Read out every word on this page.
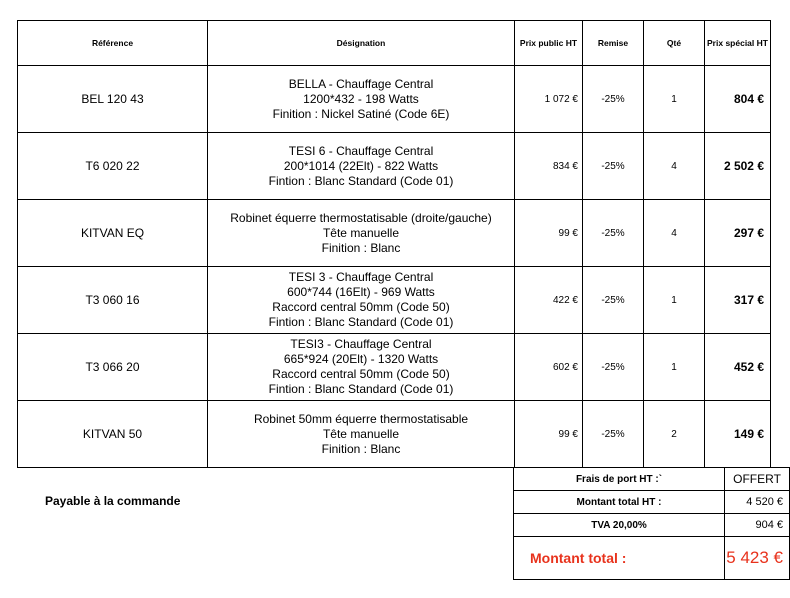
Référence	Désignation	Prix public HT	Remise	Qté	Prix spécial HT
BEL 120 43	BELLA - Chauffage Central
1200*432 - 198 Watts
Finition : Nickel Satiné (Code 6E)	1 072 €	-25%	1	804 €
T6 020 22	TESI 6 - Chauffage Central
200*1014 (22Elt) - 822 Watts
Fintion : Blanc Standard (Code 01)	834 €	-25%	4	2 502 €
KITVAN EQ	Robinet équerre thermostatisable (droite/gauche)
Tête manuelle
Finition : Blanc	99 €	-25%	4	297 €
T3 060 16	TESI 3 - Chauffage Central
600*744 (16Elt) - 969 Watts
Raccord central 50mm (Code 50)
Fintion : Blanc Standard (Code 01)	422 €	-25%	1	317 €
T3 066 20	TESI3 - Chauffage Central
665*924 (20Elt) - 1320 Watts
Raccord central 50mm (Code 50)
Fintion : Blanc Standard (Code 01)	602 €	-25%	1	452 €
KITVAN 50	Robinet 50mm équerre thermostatisable
Tête manuelle
Finition : Blanc	99 €	-25%	2	149 €
Frais de port HT :`	OFFERT
Montant total HT :	4 520 €
TVA 20,00%	904 €
Montant total :	5 423 €
Payable à la commande
